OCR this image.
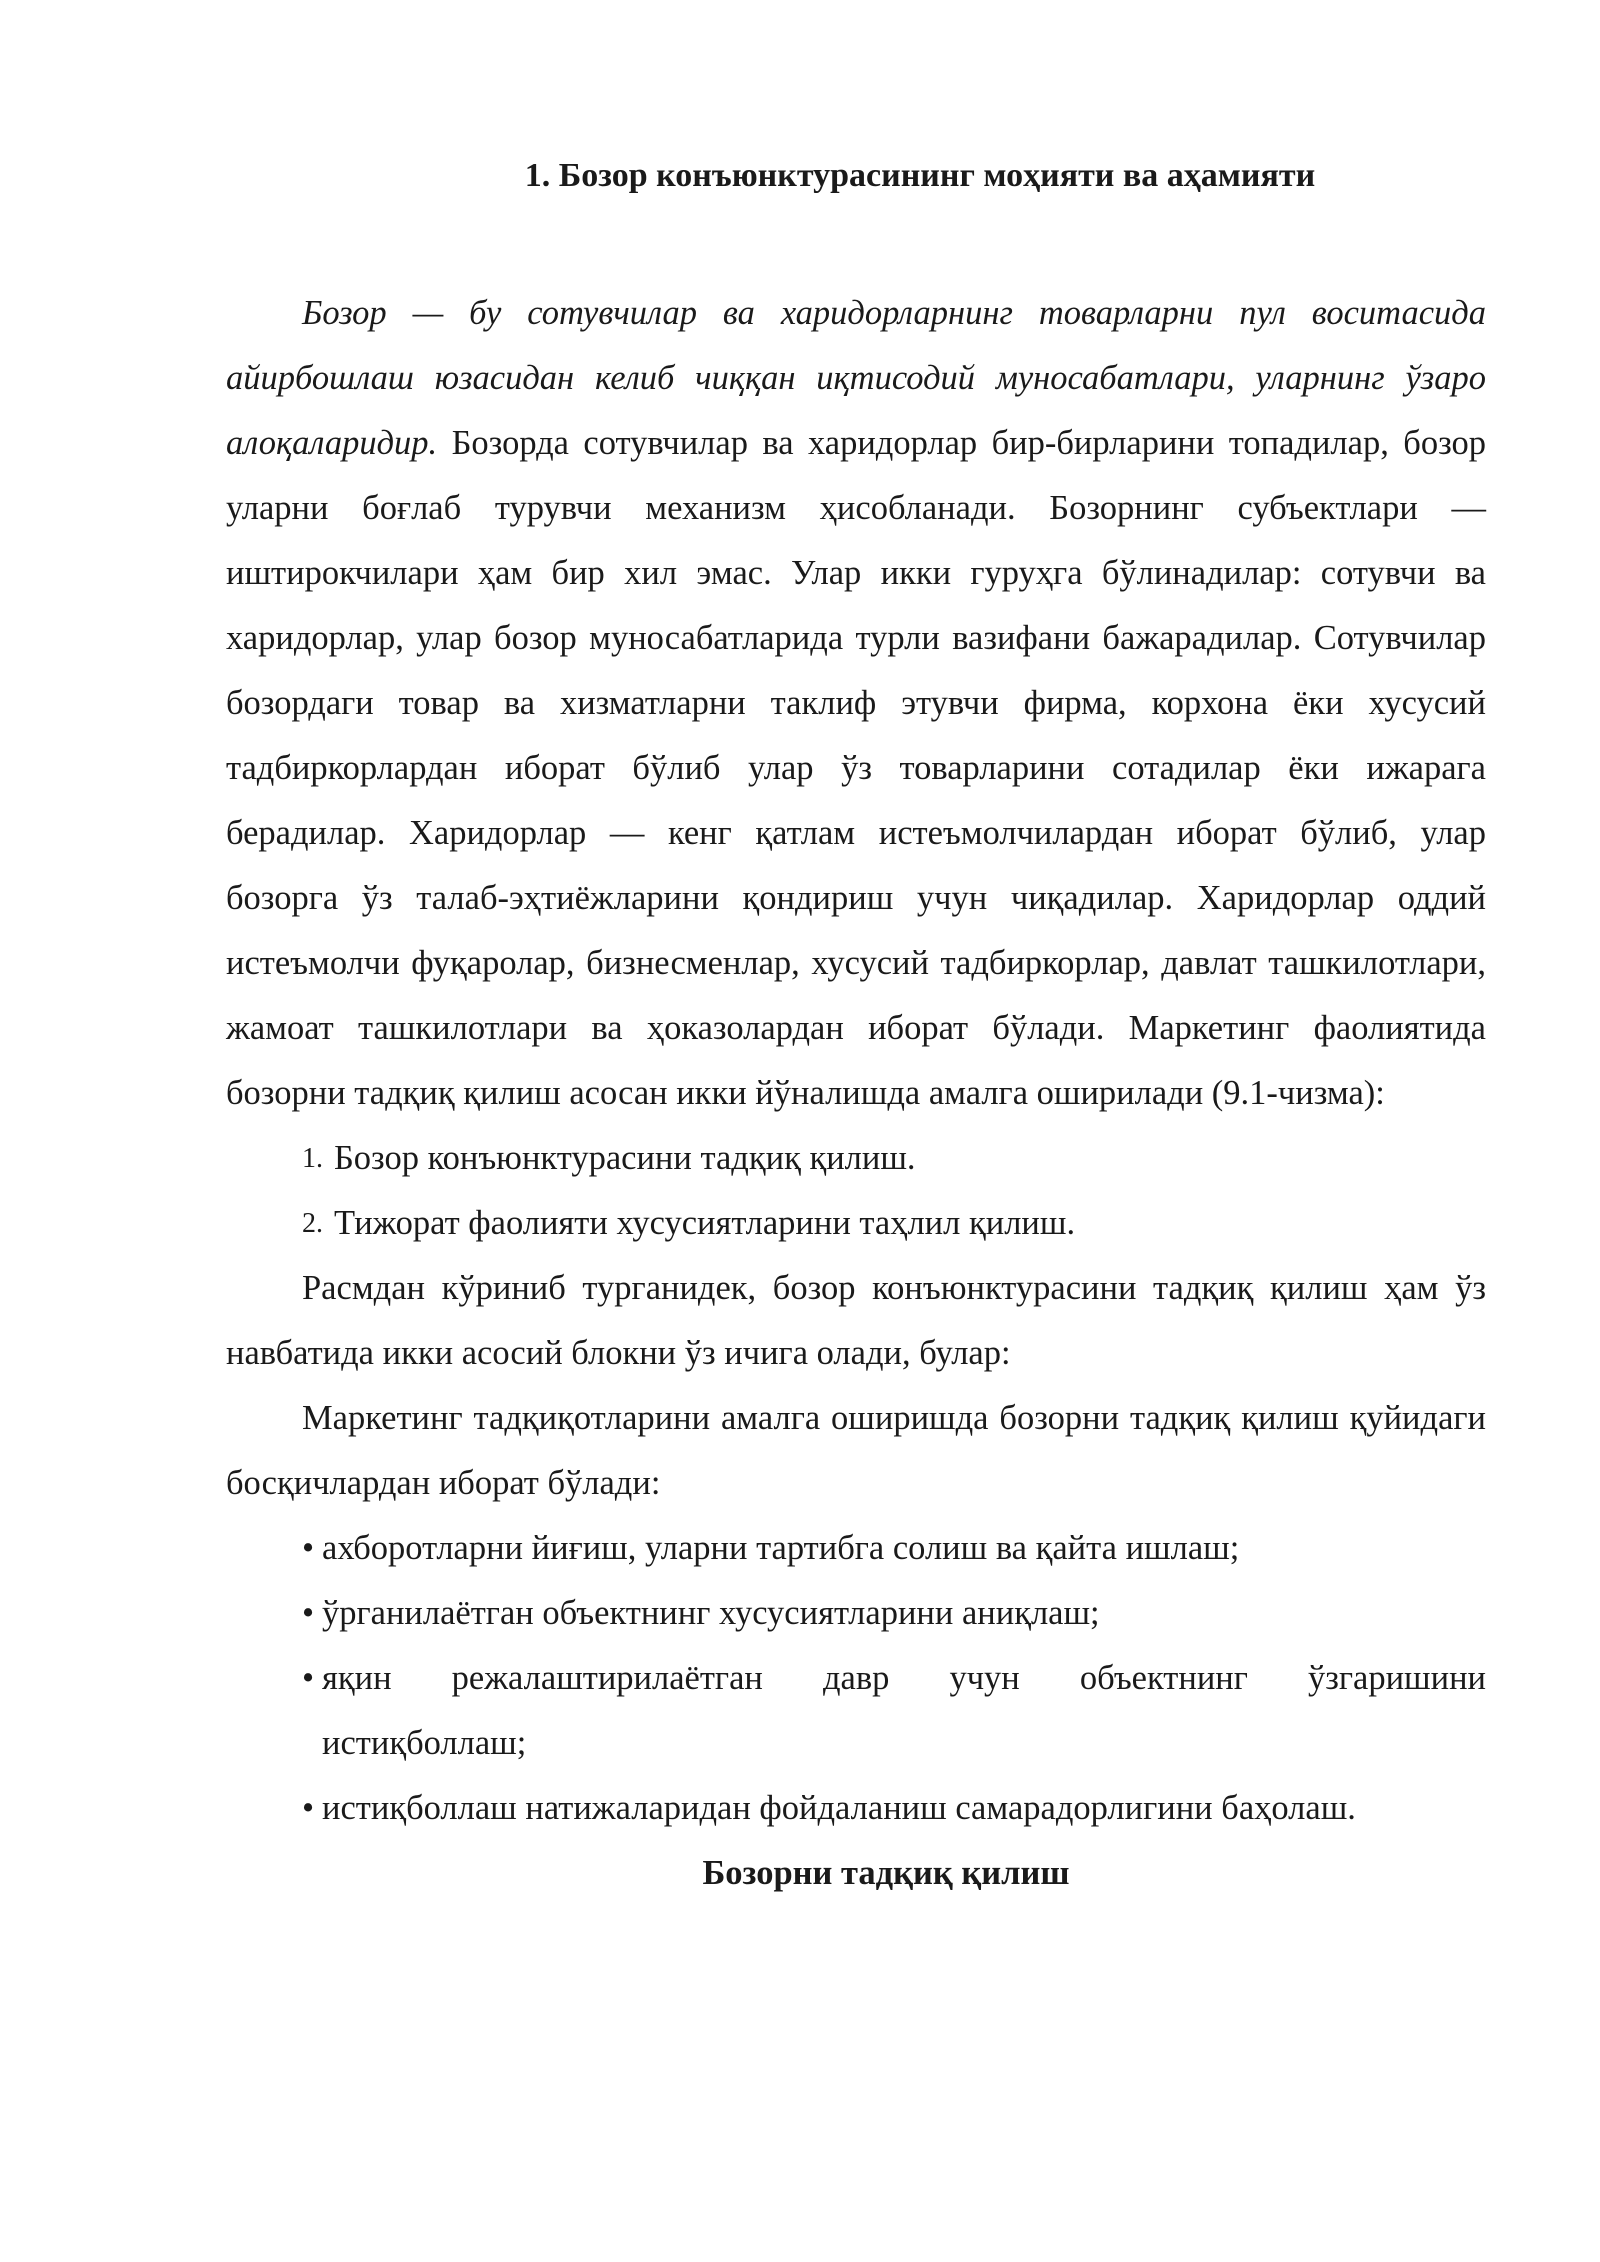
1. Бозор конъюнктурасининг моҳияти ва аҳамияти

Бозор — бу сотувчилар ва харидорларнинг товарларни пул воситасида айирбошлаш юзасидан келиб чиққан иқтисодий муносабатлари, уларнинг ўзаро алоқаларидир. Бозорда сотувчилар ва харидорлар бир-бирларини топадилар, бозор уларни боғлаб турувчи механизм ҳисобланади. Бозорнинг субъектлари — иштирокчилари ҳам бир хил эмас. Улар икки гуруҳга бўлинадилар: сотувчи ва харидорлар, улар бозор муносабатларида турли вазифани бажарадилар. Сотувчилар бозордаги товар ва хизматларни таклиф этувчи фирма, корхона ёки хусусий тадбиркорлардан иборат бўлиб улар ўз товарларини сотадилар ёки ижарага берадилар. Харидорлар — кенг қатлам истеъмолчилардан иборат бўлиб, улар бозорга ўз талаб-эҳтиёжларини қондириш учун чиқадилар. Харидорлар оддий истеъмолчи фуқаролар, бизнесменлар, хусусий тадбиркорлар, давлат ташкилотлари, жамоат ташкилотлари ва ҳоказолардан иборат бўлади. Маркетинг фаолиятида бозорни тадқиқ қилиш асосан икки йўналишда амалга оширилади (9.1-чизма):

1. Бозор конъюнктурасини тадқиқ қилиш.
2. Тижорат фаолияти хусусиятларини таҳлил қилиш.

Расмдан кўриниб турганидек, бозор конъюнктурасини тадқиқ қилиш ҳам ўз навбатида икки асосий блокни ўз ичига олади, булар:

Маркетинг тадқиқотларини амалга оширишда бозорни тадқиқ қилиш қуйидаги босқичлардан иборат бўлади:

• ахборотларни йиғиш, уларни тартибга солиш ва қайта ишлаш;
• ўрганилаётган объектнинг хусусиятларини аниқлаш;
• яқин режалаштирилаётган давр учун объектнинг ўзгаришини
истиқболлаш;
• истиқболлаш натижаларидан фойдаланиш самарадорлигини баҳолаш.

Бозорни тадқиқ қилиш
